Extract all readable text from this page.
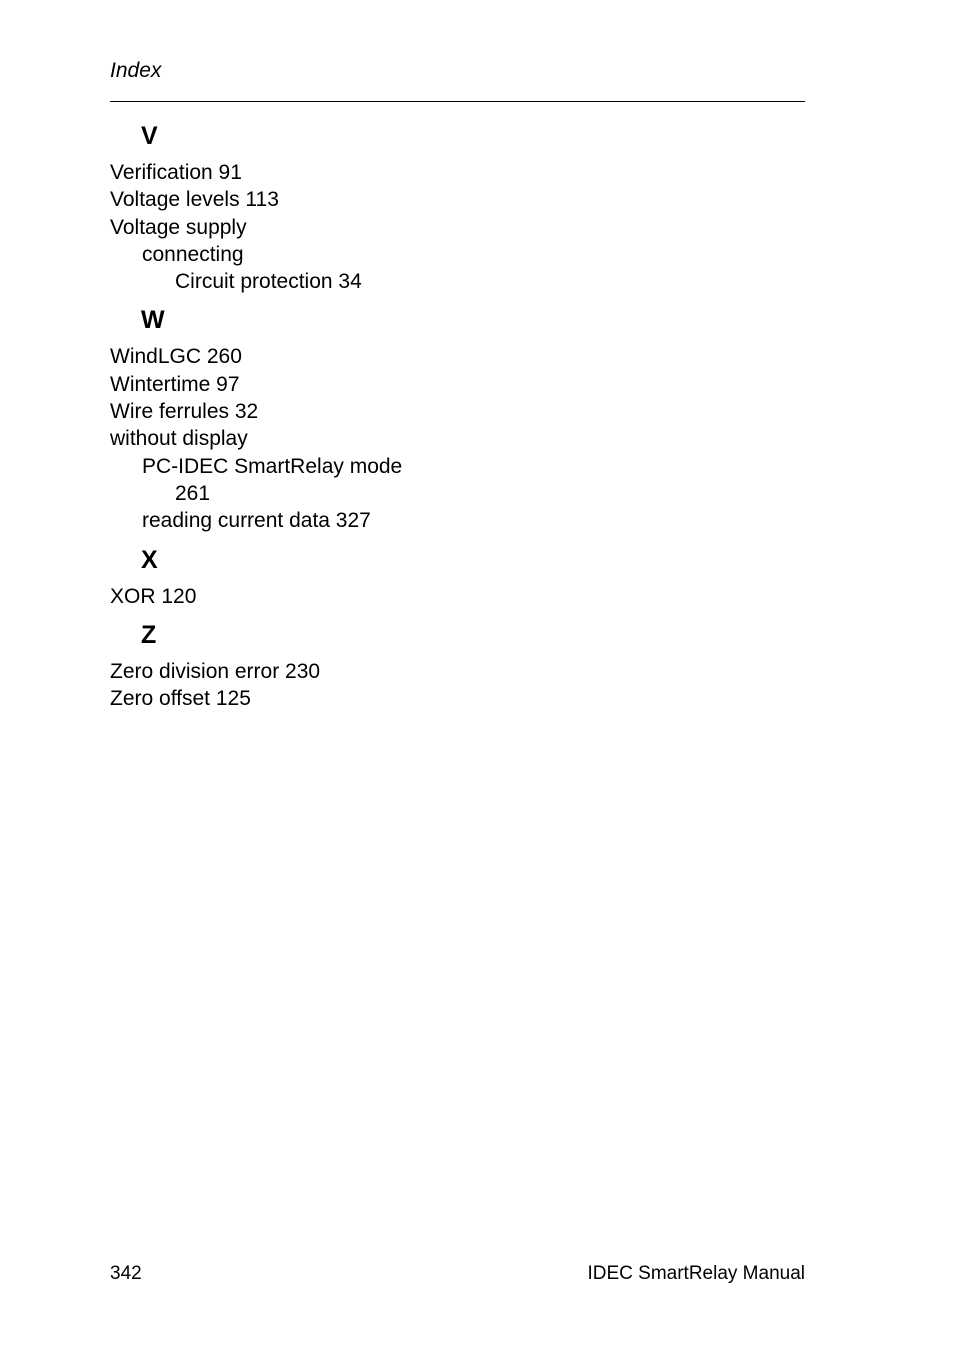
Index
V
Verification 91
Voltage levels 113
Voltage supply
connecting
Circuit protection 34
W
WindLGC 260
Wintertime 97
Wire ferrules 32
without display
PC-IDEC SmartRelay mode
261
reading current data 327
X
XOR 120
Z
Zero division error 230
Zero offset 125
342	IDEC SmartRelay Manual
